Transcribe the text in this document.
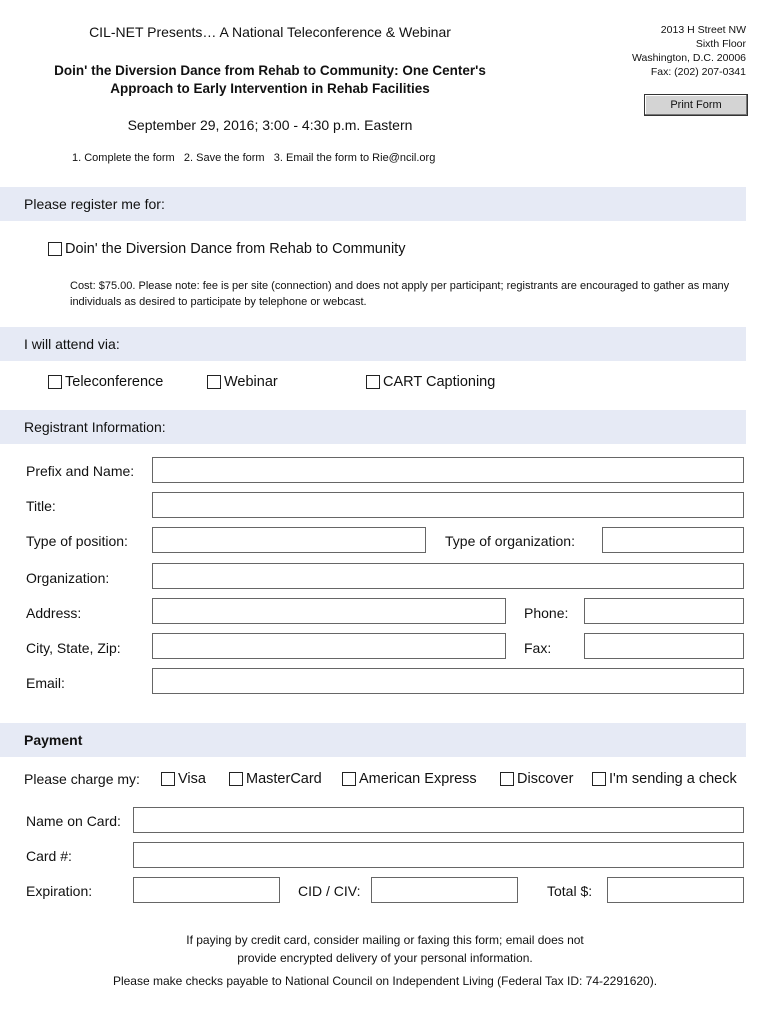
CIL-NET Presents… A National Teleconference & Webinar
Doin' the Diversion Dance from Rehab to Community: One Center's
Approach to Early Intervention in Rehab Facilities
September 29, 2016; 3:00 - 4:30 p.m. Eastern
1. Complete the form   2. Save the form   3. Email the form to Rie@ncil.org
2013 H Street NW
Sixth Floor
Washington, D.C. 20006
Fax: (202) 207-0341
Print Form
Please register me for:
Doin' the Diversion Dance from Rehab to Community
Cost: $75.00. Please note: fee is per site (connection) and does not apply per participant; registrants are encouraged to gather as many individuals as desired to participate by telephone or webcast.
I will attend via:
Teleconference	Webinar	CART Captioning
Registrant Information:
Prefix and Name:
Title:
Type of position:	Type of organization:
Organization:
Address:	Phone:
City, State, Zip:	Fax:
Email:
Payment
Please charge my:	Visa	MasterCard	American Express	Discover I'm sending a check
Name on Card:
Card #:
Expiration:	CID / CIV:	Total $:
If paying by credit card, consider mailing or faxing this form; email does not
provide encrypted delivery of your personal information.
Please make checks payable to National Council on Independent Living (Federal Tax ID: 74-2291620).
